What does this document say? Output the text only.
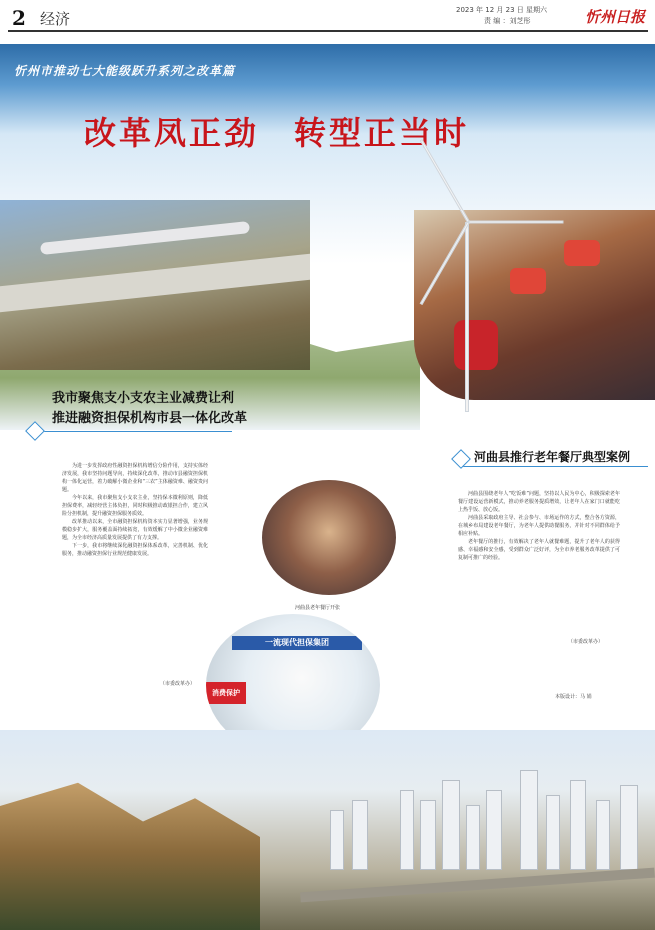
2 经济	2023 年 12 月 23 日 星期六
责 编 ：刘芝彤	忻州日报
忻州市推动七大能级跃升系列之改革篇
改革凤正劲　转型正当时
我市聚焦支小支农主业减费让利
推进融资担保机构市县一体化改革
河曲县推行老年餐厅典型案例

为进一步发挥政府性融资担保机构增信分险作用，支持实体经济发展，我市坚持问题导向，持续深化改革，推动市县融资担保机构一体化运营，着力破解小微企业和“三农”主体融资难、融资贵问题。

今年以来，我市聚焦支小支农主业，坚持保本微利原则，降低担保费率，减轻经营主体负担，同时积极推动政银担合作，建立风险分担机制，提升融资担保服务质效。

改革推动以来，全市融资担保机构资本实力显著增强，业务规模稳步扩大，服务覆盖面持续拓宽，有效缓解了中小微企业融资难题，为全市经济高质量发展提供了有力支撑。

下一步，我市将继续深化融资担保体系改革，完善机制、优化服务，推动融资担保行业规范健康发展。

（市委改革办）

河曲县围绕老年人“吃饭难”问题，坚持以人民为中心，积极探索老年餐厅建设运营新模式，推动养老服务提质增效，让老年人在家门口就能吃上热乎饭、放心饭。

河曲县采取政府主导、社会参与、市场运作的方式，整合各方资源，在城乡布局建设老年餐厅，为老年人提供助餐服务，并针对不同群体给予相应补贴。

老年餐厅的推行，有效解决了老年人就餐难题，提升了老年人的获得感、幸福感和安全感，受到群众广泛好评，为全市养老服务改革提供了可复制可推广的经验。

（市委改革办）
河曲县老年餐厅开张
一流现代担保集团
消费保护	本版设计：马 娟
